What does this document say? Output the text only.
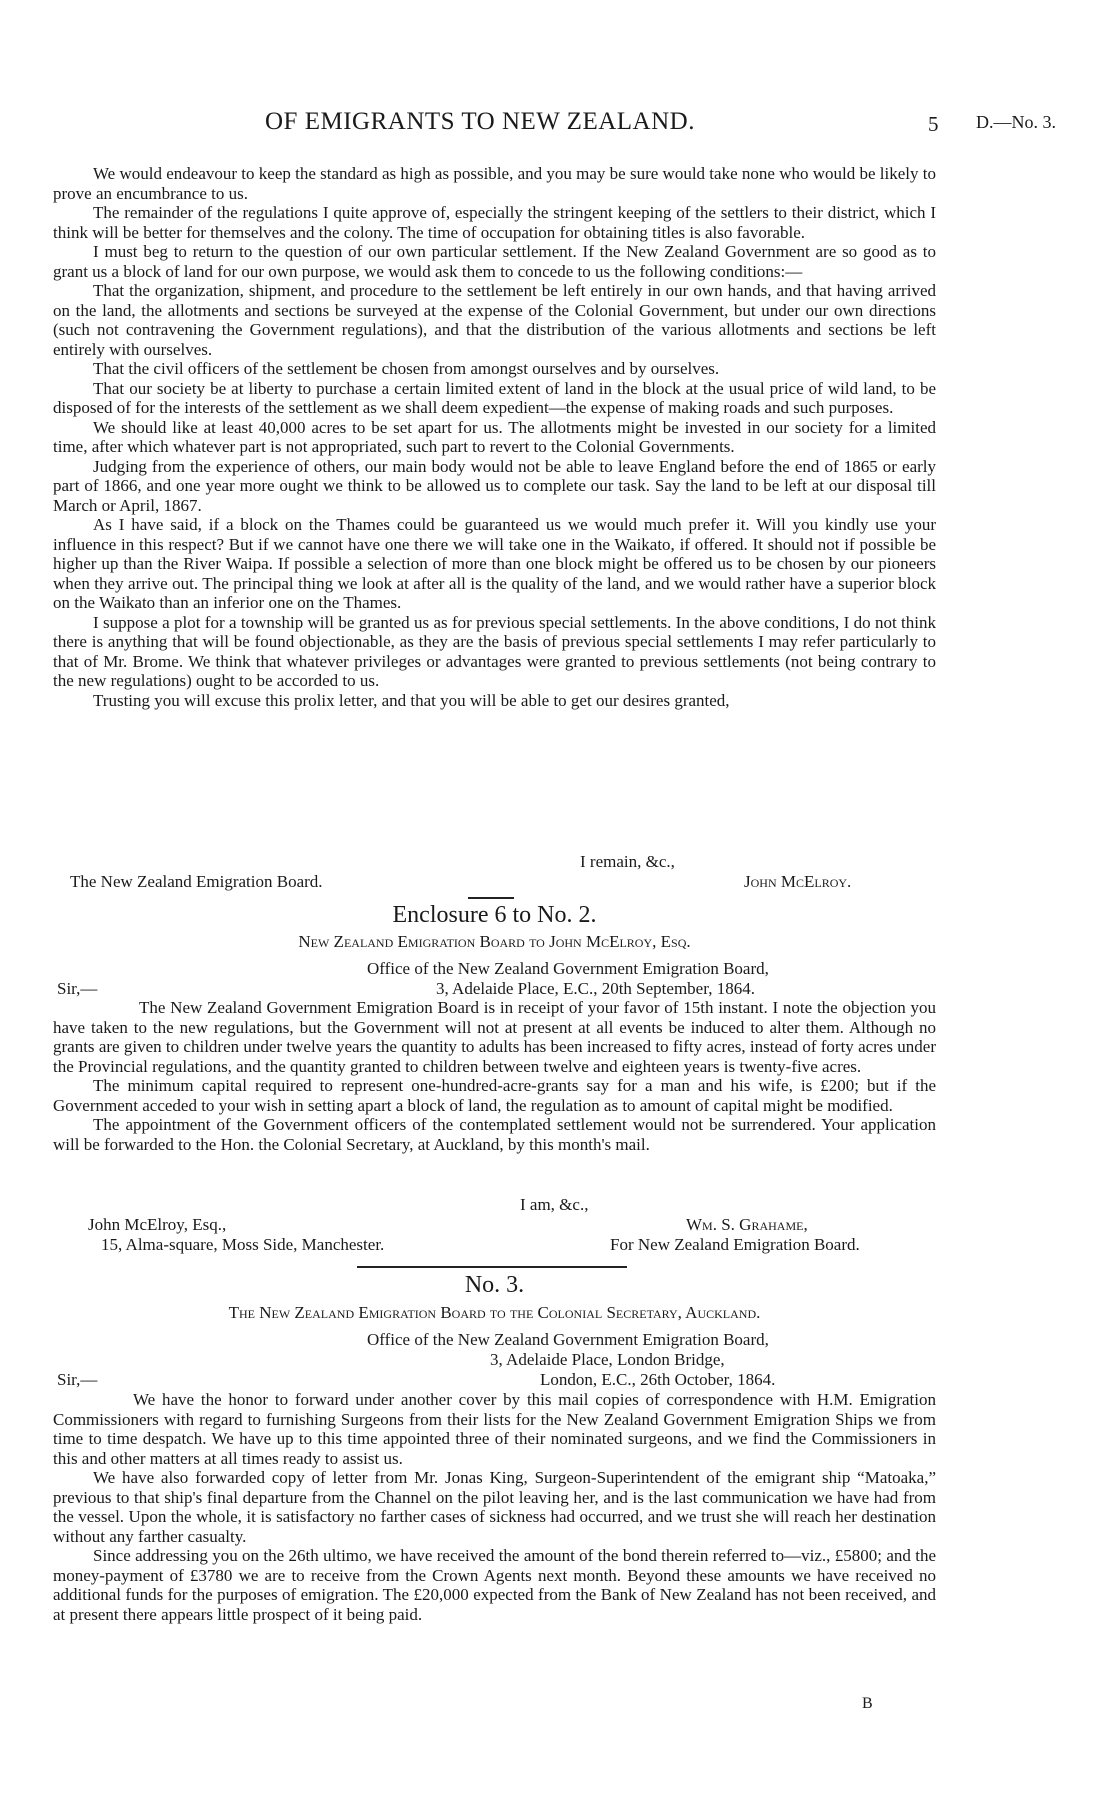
OF EMIGRANTS TO NEW ZEALAND.	5 D.—No. 3.

We would endeavour to keep the standard as high as possible, and you may be sure would take none who would be likely to prove an encumbrance to us.

The remainder of the regulations I quite approve of, especially the stringent keeping of the settlers to their district, which I think will be better for themselves and the colony. The time of occupation for obtaining titles is also favorable.

I must beg to return to the question of our own particular settlement. If the New Zealand Government are so good as to grant us a block of land for our own purpose, we would ask them to concede to us the following conditions:—

That the organization, shipment, and procedure to the settlement be left entirely in our own hands, and that having arrived on the land, the allotments and sections be surveyed at the expense of the Colonial Government, but under our own directions (such not contravening the Government regulations), and that the distribution of the various allotments and sections be left entirely with ourselves.

That the civil officers of the settlement be chosen from amongst ourselves and by ourselves.

That our society be at liberty to purchase a certain limited extent of land in the block at the usual price of wild land, to be disposed of for the interests of the settlement as we shall deem expedient—the expense of making roads and such purposes.

We should like at least 40,000 acres to be set apart for us. The allotments might be invested in our society for a limited time, after which whatever part is not appropriated, such part to revert to the Colonial Governments.

Judging from the experience of others, our main body would not be able to leave England before the end of 1865 or early part of 1866, and one year more ought we think to be allowed us to complete our task. Say the land to be left at our disposal till March or April, 1867.

As I have said, if a block on the Thames could be guaranteed us we would much prefer it. Will you kindly use your influence in this respect? But if we cannot have one there we will take one in the Waikato, if offered. It should not if possible be higher up than the River Waipa. If possible a selection of more than one block might be offered us to be chosen by our pioneers when they arrive out. The principal thing we look at after all is the quality of the land, and we would rather have a superior block on the Waikato than an inferior one on the Thames.

I suppose a plot for a township will be granted us as for previous special settlements. In the above conditions, I do not think there is anything that will be found objectionable, as they are the basis of previous special settlements I may refer particularly to that of Mr. Brome. We think that whatever privileges or advantages were granted to previous settlements (not being contrary to the new regulations) ought to be accorded to us.

Trusting you will excuse this prolix letter, and that you will be able to get our desires granted,

I remain, &c.,
The New Zealand Emigration Board.	John McElroy.
Enclosure 6 to No. 2.
New Zealand Emigration Board to John McElroy, Esq.
Office of the New Zealand Government Emigration Board,
Sir,—	3, Adelaide Place, E.C., 20th September, 1864.

The New Zealand Government Emigration Board is in receipt of your favor of 15th instant. I note the objection you have taken to the new regulations, but the Government will not at present at all events be induced to alter them. Although no grants are given to children under twelve years the quantity to adults has been increased to fifty acres, instead of forty acres under the Provincial regulations, and the quantity granted to children between twelve and eighteen years is twenty-five acres.

The minimum capital required to represent one-hundred-acre-grants say for a man and his wife, is £200; but if the Government acceded to your wish in setting apart a block of land, the regulation as to amount of capital might be modified.

The appointment of the Government officers of the contemplated settlement would not be surrendered. Your application will be forwarded to the Hon. the Colonial Secretary, at Auckland, by this month's mail.

I am, &c.,
John McElroy, Esq.,	Wm. S. Grahame,
15, Alma-square, Moss Side, Manchester.	For New Zealand Emigration Board.
No. 3.
The New Zealand Emigration Board to the Colonial Secretary, Auckland.
Office of the New Zealand Government Emigration Board,
3, Adelaide Place, London Bridge,
Sir,—	London, E.C., 26th October, 1864.

We have the honor to forward under another cover by this mail copies of correspondence with H.M. Emigration Commissioners with regard to furnishing Surgeons from their lists for the New Zealand Government Emigration Ships we from time to time despatch. We have up to this time appointed three of their nominated surgeons, and we find the Commissioners in this and other matters at all times ready to assist us.

We have also forwarded copy of letter from Mr. Jonas King, Surgeon-Superintendent of the emigrant ship “Matoaka,” previous to that ship's final departure from the Channel on the pilot leaving her, and is the last communication we have had from the vessel. Upon the whole, it is satisfactory no farther cases of sickness had occurred, and we trust she will reach her destination without any farther casualty.

Since addressing you on the 26th ultimo, we have received the amount of the bond therein referred to—viz., £5800; and the money-payment of £3780 we are to receive from the Crown Agents next month. Beyond these amounts we have received no additional funds for the purposes of emigration. The £20,000 expected from the Bank of New Zealand has not been received, and at present there appears little prospect of it being paid.

B
